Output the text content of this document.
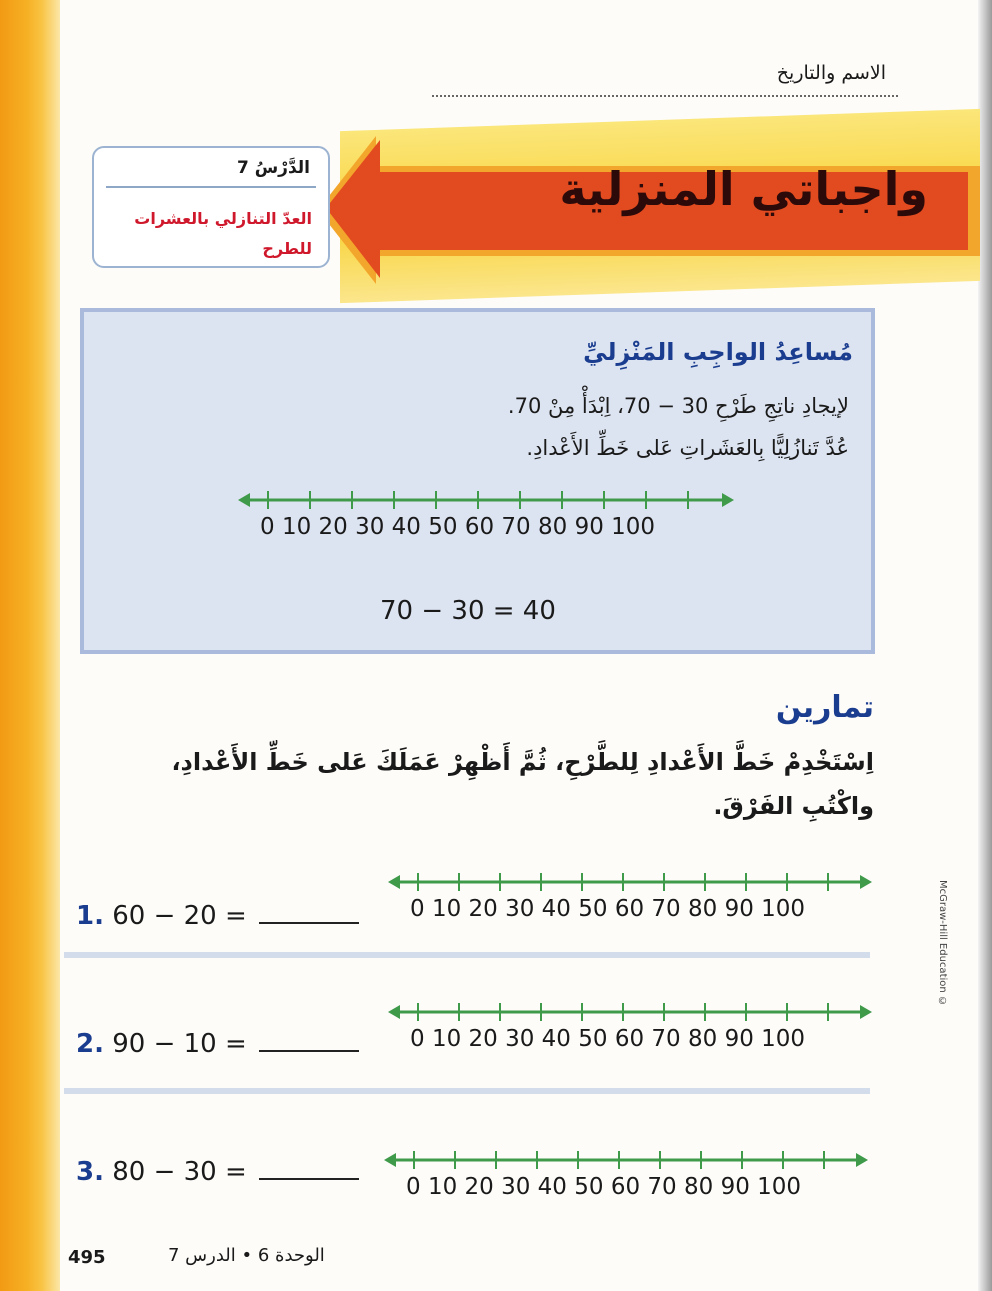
الاسم والتاريخ
واجباتي المنزلية
الدَّرْسُ 7
العدّ التنازلي بالعشرات للطرح
مُساعِدُ الواجِبِ المَنْزِليِّ
لإيجادِ ناتِجِ طَرْحِ 30 − 70، اِبْدَأْ مِنْ 70.
عُدَّ تَنازُلِيًّا بِالعَشَراتِ عَلى خَطِّ الأَعْدادِ.
0 10 20 30 40 50 60 70 80 90 100
70 − 30 = 40
تمارين
اِسْتَخْدِمْ خَطَّ الأَعْدادِ لِلطَّرْحِ، ثُمَّ أَظْهِرْ عَمَلَكَ عَلى خَطِّ الأَعْدادِ، واكْتُبِ الفَرْقَ.
1. 60 − 20 =	0 10 20 30 40 50 60 70 80 90 100
2. 90 − 10 =	0 10 20 30 40 50 60 70 80 90 100
3. 80 − 30 =	0 10 20 30 40 50 60 70 80 90 100
McGraw-Hill Education ©
495	الوحدة 6 • الدرس 7
